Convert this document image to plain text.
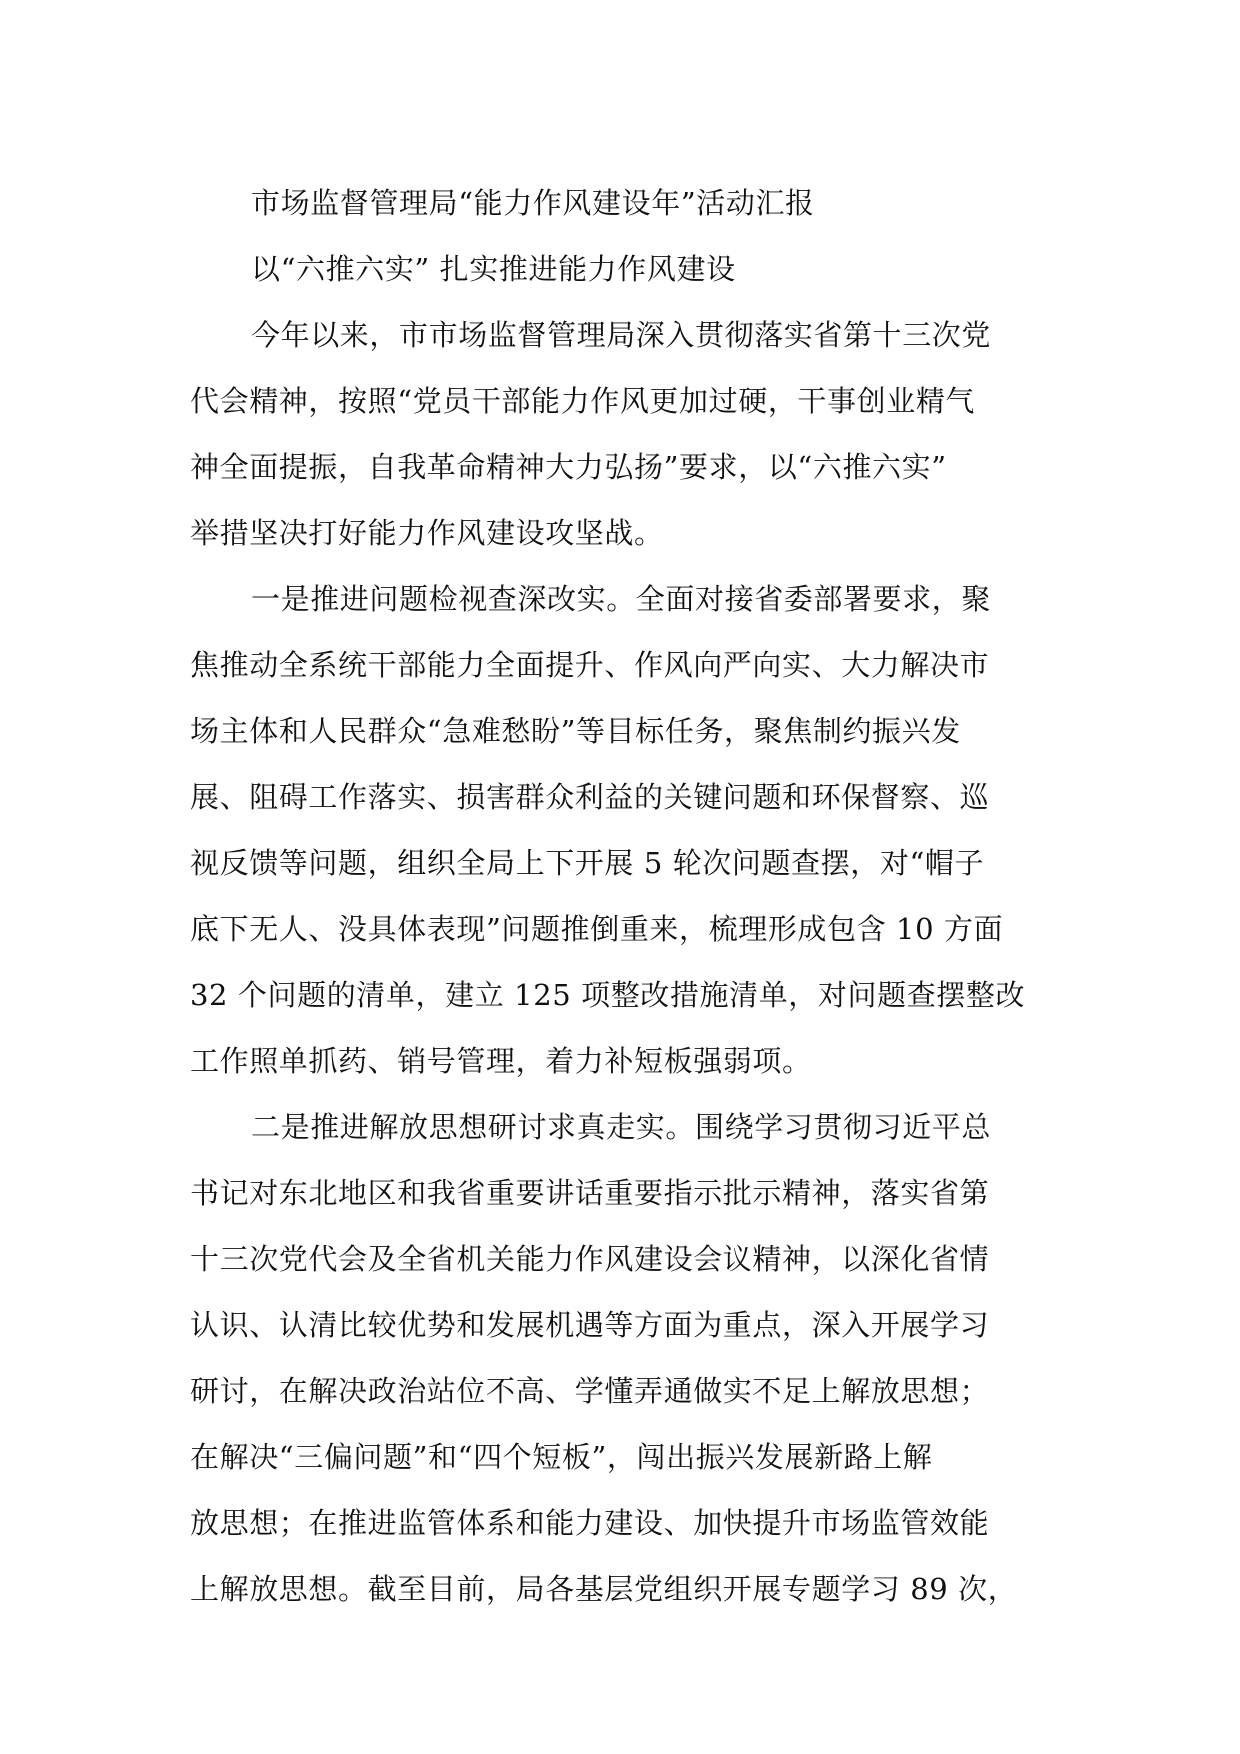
市场监督管理局“能力作风建设年”活动汇报
以“六推六实” 扎实推进能力作风建设
今年以来，市市场监督管理局深入贯彻落实省第十三次党
代会精神，按照“党员干部能力作风更加过硬，干事创业精气
神全面提振，自我革命精神大力弘扬”要求，以“六推六实”
举措坚决打好能力作风建设攻坚战。
一是推进问题检视查深改实。全面对接省委部署要求，聚
焦推动全系统干部能力全面提升、作风向严向实、大力解决市
场主体和人民群众“急难愁盼”等目标任务，聚焦制约振兴发
展、阻碍工作落实、损害群众利益的关键问题和环保督察、巡
视反馈等问题，组织全局上下开展 5 轮次问题查摆，对“帽子
底下无人、没具体表现”问题推倒重来，梳理形成包含 10 方面
32 个问题的清单，建立 125 项整改措施清单，对问题查摆整改
工作照单抓药、销号管理，着力补短板强弱项。
二是推进解放思想研讨求真走实。围绕学习贯彻习近平总
书记对东北地区和我省重要讲话重要指示批示精神，落实省第
十三次党代会及全省机关能力作风建设会议精神，以深化省情
认识、认清比较优势和发展机遇等方面为重点，深入开展学习
研讨，在解决政治站位不高、学懂弄通做实不足上解放思想；
在解决“三偏问题”和“四个短板”，闯出振兴发展新路上解
放思想；在推进监管体系和能力建设、加快提升市场监管效能
上解放思想。截至目前，局各基层党组织开展专题学习 89 次，
